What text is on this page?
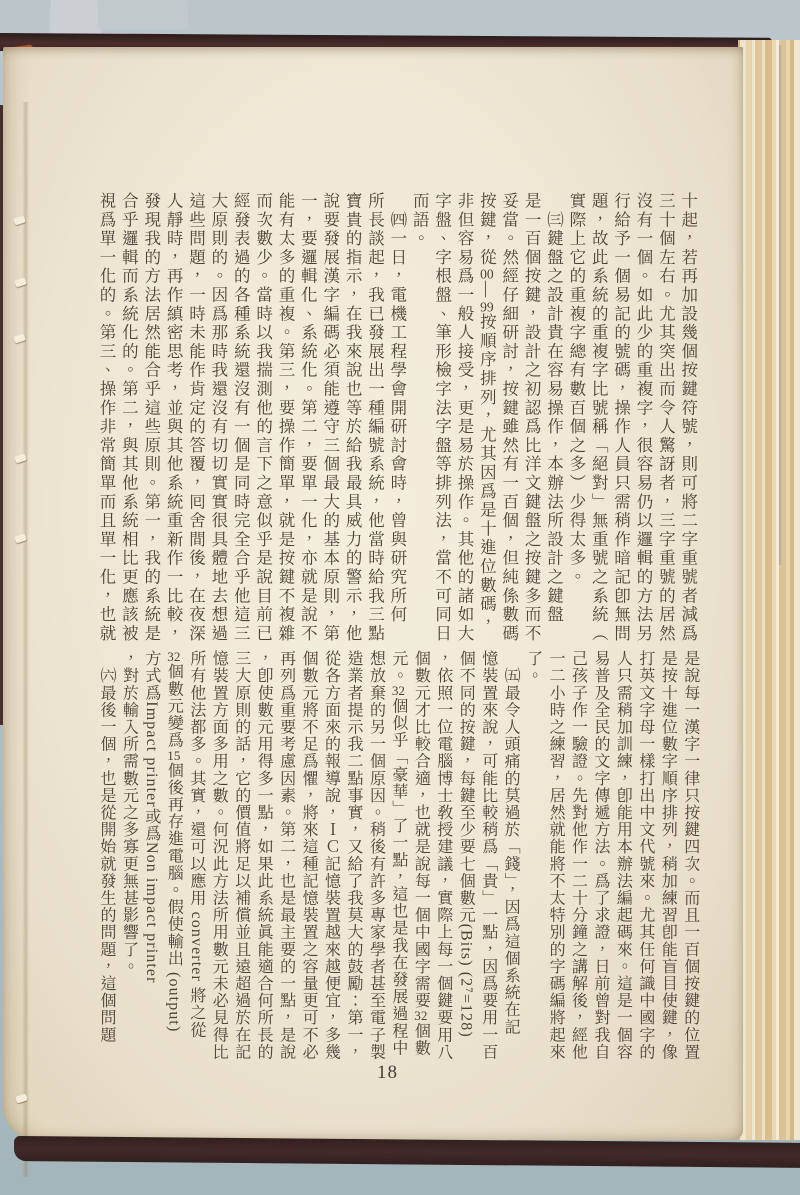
十起，若再加設幾個按鍵符號，則可將二字重號者減爲
三十個左右。尤其突出而令人驚訝者，三字重號的居然
沒有一個。如此少的重複字，很容易仍以邏輯的方法另
行給予一個易記的號碼，操作人員只需稍作暗記卽無問
題，故此系統的重複字比號稱「絕對」無重號之系統（
實際上它的重複字總有數百個之多）少得太多。
　㈢鍵盤之設計貴在容易操作，本辦法所設計之鍵盤
是一百個按鍵，設計之初認爲比洋文鍵盤之按鍵多而不
妥當。然經仔細研討，按鍵雖然有一百個，但純係數碼
按鍵，從00—99按順序排列，尤其因爲是十進位數碼，
非但容易爲一般人接受，更是易於操作。其他的諸如大
字盤、字根盤、筆形檢字法字盤等排列法，當不可同日
而語。
　㈣一日，電機工程學會開研討會時，曾與研究所何
所長談起，我已發展出一種編號系統，他當時給我三點
寶貴的指示，在我來說也等於給我最具威力的警示，他
說要發展漢字編碼必須能遵守三個最大的基本原則，第
一，要邏輯化、系統化。第二，要單一化，亦就是說不
能有太多的重複。第三，要操作簡單，就是按鍵不複雜
而次數少。當時以我揣測他的言下之意似乎是說目前已
經發表過的各種系統還沒有一個是同時完全合乎他這三
大原則的。因爲那時我還沒有切切實實很具體地去想過
這些問題，一時未能作肯定的答覆，囘舍間後，在夜深
人靜時，再作縝密思考，並與其他系統重新作一比較，
發現我的方法居然能合乎這些原則。第一，我的系統是
合乎邏輯而系統化的。第二，與其他系統相比更應該被
視爲單一化的。第三、操作非常簡單而且單一化，也就
是說每一漢字一律只按鍵四次。而且一百個按鍵的位置
是按十進位數字順序排列，稍加練習卽能盲目使鍵，像
打英文字母一樣打出中文代號來。尤其任何識中國字的
人只需稍加訓練，卽能用本辦法編起碼來。這是一個容
易普及全民的文字傳遞方法。爲了求證，日前曾對我自
己孩子作一驗證。先對他作一二十分鐘之講解後，經他
一二小時之練習，居然就能將不太特別的字碼編將起來
了。
　㈤最令人頭痛的莫過於「錢」，因爲這個系統在記
憶裝置來說，可能比較稍爲「貴」一點，因爲要用一百
個不同的按鍵，每鍵至少要七個數元(Bits) (2⁷=128)
，依照一位電腦博士敎授建議，實際上每一個鍵要用八
個數元才比較合適，也就是說每一個中國字需要32個數
元。32個似乎「豪華」了一點，這也是我在發展過程中
想放棄的另一個原因。稍後有許多專家學者甚至電子製
造業者提示我二點事實，又給了我莫大的鼓勵：第一，
從各方面來的報導說，ＩＣ記憶裝置越來越便宜，多幾
個數元將不足爲懼，將來這種記憶裝置之容量更可不必
再列爲重要考慮因素。第二，也是最主要的一點，是說
，卽使數元用得多一點，如果此系統眞能適合何所長的
三大原則的話，它的價值將足以補償並且遠超過於在記
憶裝置方面多用之數。何況此方法所用數元未必見得比
所有他法都多。其實，還可以應用 converter 將之從
32個數元變爲15個後再存進電腦。假使輸出 (output)
方式爲Impact printer或爲Non impact printer
，對於輸入所需數元之多寡更無甚影響了。
　㈥最後一個，也是從開始就發生的問題，這個問題
18
